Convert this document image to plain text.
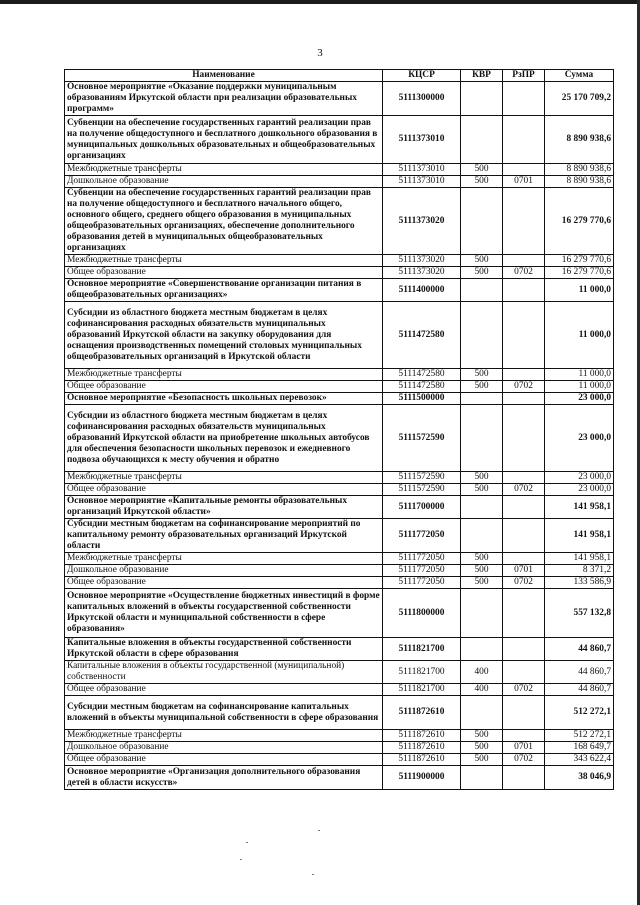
3
Наименование	КЦСР	КВР	РзПР	Сумма
Основное мероприятие «Оказание поддержки муниципальным образованиям Иркутской области при реализации образовательных программ»	5111300000			25 170 709,2
Субвенции на обеспечение государственных гарантий реализации прав на получение общедоступного и бесплатного дошкольного образования в муниципальных дошкольных образовательных и общеобразовательных организациях	5111373010			8 890 938,6
Межбюджетные трансферты	5111373010	500		8 890 938,6
Дошкольное образование	5111373010	500	0701	8 890 938,6
Субвенции на обеспечение государственных гарантий реализации прав на получение общедоступного и бесплатного начального общего, основного общего, среднего общего образования в муниципальных общеобразовательных организациях, обеспечение дополнительного образования детей в муниципальных общеобразовательных организациях	5111373020			16 279 770,6
Межбюджетные трансферты	5111373020	500		16 279 770,6
Общее образование	5111373020	500	0702	16 279 770,6
Основное мероприятие «Совершенствование организации питания в общеобразовательных организациях»	5111400000			11 000,0
Субсидии из областного бюджета местным бюджетам в целях софинансирования расходных обязательств муниципальных образований Иркутской области на закупку оборудования для оснащения производственных помещений столовых муниципальных общеобразовательных организаций в Иркутской области	5111472580			11 000,0
Межбюджетные трансферты	5111472580	500		11 000,0
Общее образование	5111472580	500	0702	11 000,0
Основное мероприятие «Безопасность школьных перевозок»	5111500000			23 000,0
Субсидии из областного бюджета местным бюджетам в целях софинансирования расходных обязательств муниципальных образований Иркутской области на приобретение школьных автобусов для обеспечения безопасности школьных перевозок и ежедневного подвоза обучающихся к месту обучения и обратно	5111572590			23 000,0
Межбюджетные трансферты	5111572590	500		23 000,0
Общее образование	5111572590	500	0702	23 000,0
Основное мероприятие «Капитальные ремонты образовательных организаций Иркутской области»	5111700000			141 958,1
Субсидии местным бюджетам на софинансирование мероприятий по капитальному ремонту образовательных организаций Иркутской области	5111772050			141 958,1
Межбюджетные трансферты	5111772050	500		141 958,1
Дошкольное образование	5111772050	500	0701	8 371,2
Общее образование	5111772050	500	0702	133 586,9
Основное мероприятие «Осуществление бюджетных инвестиций в форме капитальных вложений в объекты государственной собственности Иркутской области и муниципальной собственности в сфере образования»	5111800000			557 132,8
Капитальные вложения в объекты государственной собственности Иркутской области в сфере образования	5111821700			44 860,7
Капитальные вложения в объекты государственной (муниципальной) собственности	5111821700	400		44 860,7
Общее образование	5111821700	400	0702	44 860,7
Субсидии местным бюджетам на софинансирование капитальных вложений в объекты муниципальной собственности в сфере образования	5111872610			512 272,1
Межбюджетные трансферты	5111872610	500		512 272,1
Дошкольное образование	5111872610	500	0701	168 649,7
Общее образование	5111872610	500	0702	343 622,4
Основное мероприятие «Организация дополнительного образования детей в области искусств»	5111900000			38 046,9
